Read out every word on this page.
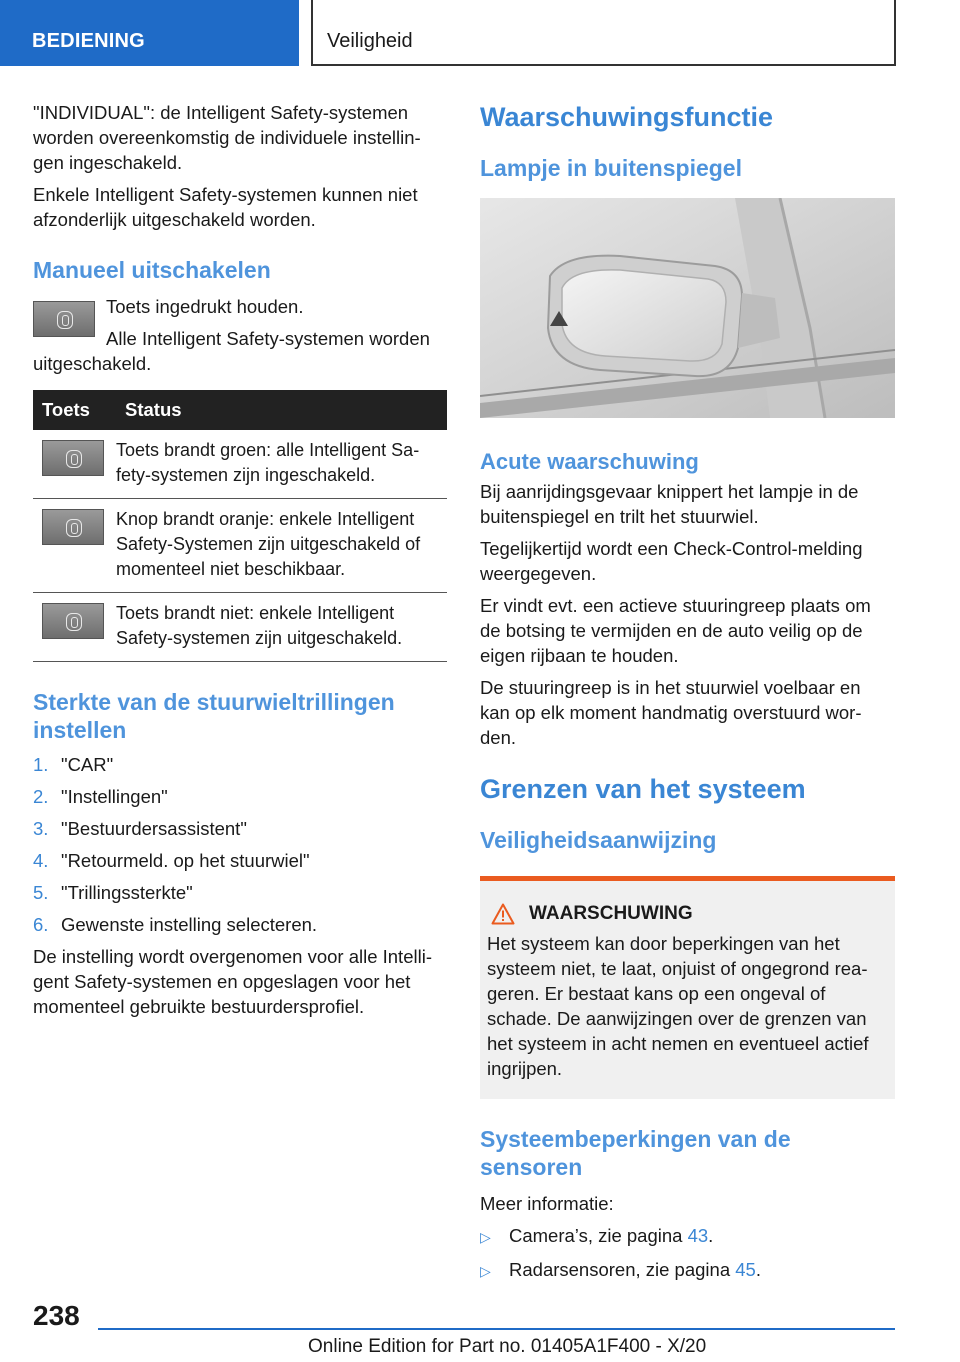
BEDIENING	Veiligheid

"INDIVIDUAL": de Intelligent Safety-systemen worden overeenkomstig de individuele instellin-gen ingeschakeld.

Enkele Intelligent Safety-systemen kunnen niet afzonderlijk uitgeschakeld worden.

Manueel uitschakelen

Toets ingedrukt houden.

Alle Intelligent Safety-systemen worden uitgeschakeld.

Toets	Status

	Toets brandt groen: alle Intelligent Sa-fety-systemen zijn ingeschakeld.

	Knop brandt oranje: enkele Intelligent Safety-Systemen zijn uitgeschakeld of momenteel niet beschikbaar.

	Toets brandt niet: enkele Intelligent Safety-systemen zijn uitgeschakeld.
Sterkte van de stuurwieltrillingen instellen
1. "CAR"
2. "Instellingen"
3. "Bestuurdersassistent"
4. "Retourmeld. op het stuurwiel"
5. "Trillingssterkte"
6. Gewenste instelling selecteren.

De instelling wordt overgenomen voor alle Intelli-gent Safety-systemen en opgeslagen voor het momenteel gebruikte bestuurdersprofiel.

Waarschuwingsfunctie
Lampje in buitenspiegel
Acute waarschuwing

Bij aanrijdingsgevaar knippert het lampje in de buitenspiegel en trilt het stuurwiel.

Tegelijkertijd wordt een Check-Control-melding weergegeven.

Er vindt evt. een actieve stuuringreep plaats om de botsing te vermijden en de auto veilig op de eigen rijbaan te houden.

De stuuringreep is in het stuurwiel voelbaar en kan op elk moment handmatig overstuurd wor-den.

Grenzen van het systeem
Veiligheidsaanwijzing
WAARSCHUWING

Het systeem kan door beperkingen van het systeem niet, te laat, onjuist of ongegrond rea-geren. Er bestaat kans op een ongeval of schade. De aanwijzingen over de grenzen van het systeem in acht nemen en eventueel actief ingrijpen.

Systeembeperkingen van de sensoren

Meer informatie:

▷ Camera’s, zie pagina 43.
▷ Radarsensoren, zie pagina 45.
238
Online Edition for Part no. 01405A1F400 - X/20
